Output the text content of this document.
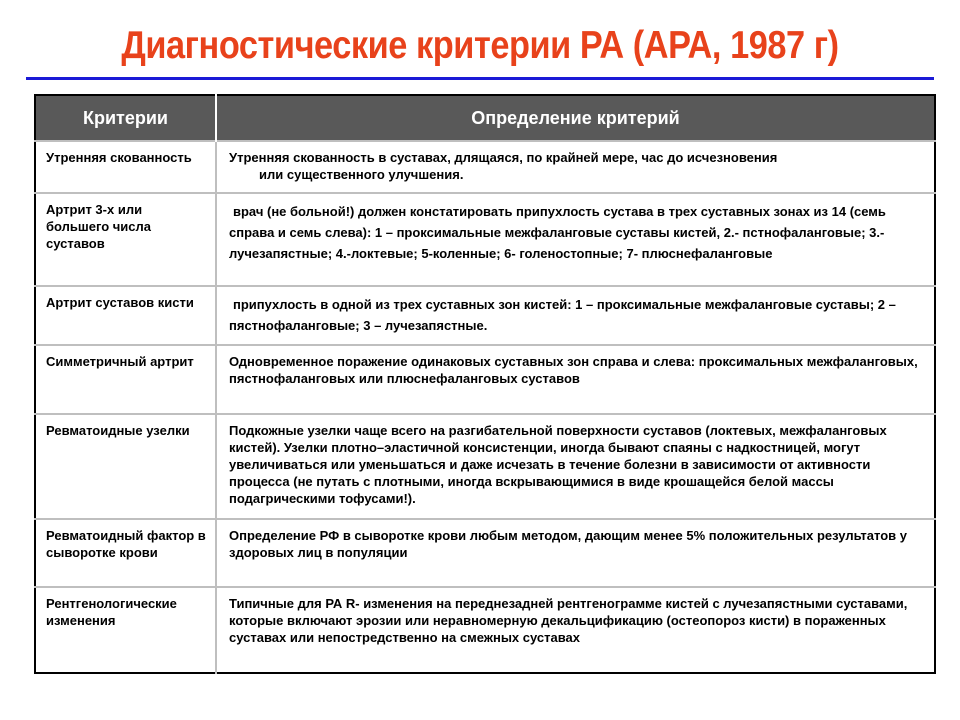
Диагностические критерии РА (АРА, 1987 г)
Критерии	Определение критерий
Утренняя скованность	Утренняя скованность в суставах, длящаяся, по крайней мере, час до исчезновения
или существенного улучшения.

Артрит 3-х или большего числа суставов	врач (не больной!) должен констатировать припухлость сустава в трех суставных зонах из 14 (семь справа и семь слева): 1 – проксимальные межфаланговые суставы кистей, 2.- пстнофаланговые; 3.- лучезапястные; 4.-локтевые; 5-коленные; 6- голеностопные; 7- плюснефаланговые
Артрит суставов кисти	припухлость в одной из трех суставных зон кистей: 1 – проксимальные межфаланговые суставы; 2 – пястнофаланговые; 3 – лучезапястные.
Симметричный артрит	Одновременное поражение одинаковых суставных зон справа и слева: проксимальных межфаланговых, пястнофаланговых или плюснефаланговых суставов
Ревматоидные узелки	Подкожные узелки чаще всего на разгибательной поверхности суставов (локтевых, межфаланговых кистей). Узелки плотно–эластичной консистенции, иногда бывают спаяны с надкостницей, могут увеличиваться или уменьшаться и даже исчезать в течение болезни в зависимости от активности процесса (не путать с плотными, иногда вскрывающимися в виде крошащейся белой массы подагрическими тофусами!).
Ревматоидный фактор в сыворотке крови	Определение РФ в сыворотке крови любым методом, дающим менее 5% положительных результатов у здоровых лиц в популяции
Рентгенологические изменения	Типичные для РА R- изменения на переднезадней рентгенограмме кистей с лучезапястными суставами, которые включают эрозии или неравномерную декальцификацию (остеопороз кисти) в пораженных суставах или непостредственно на смежных суставах
